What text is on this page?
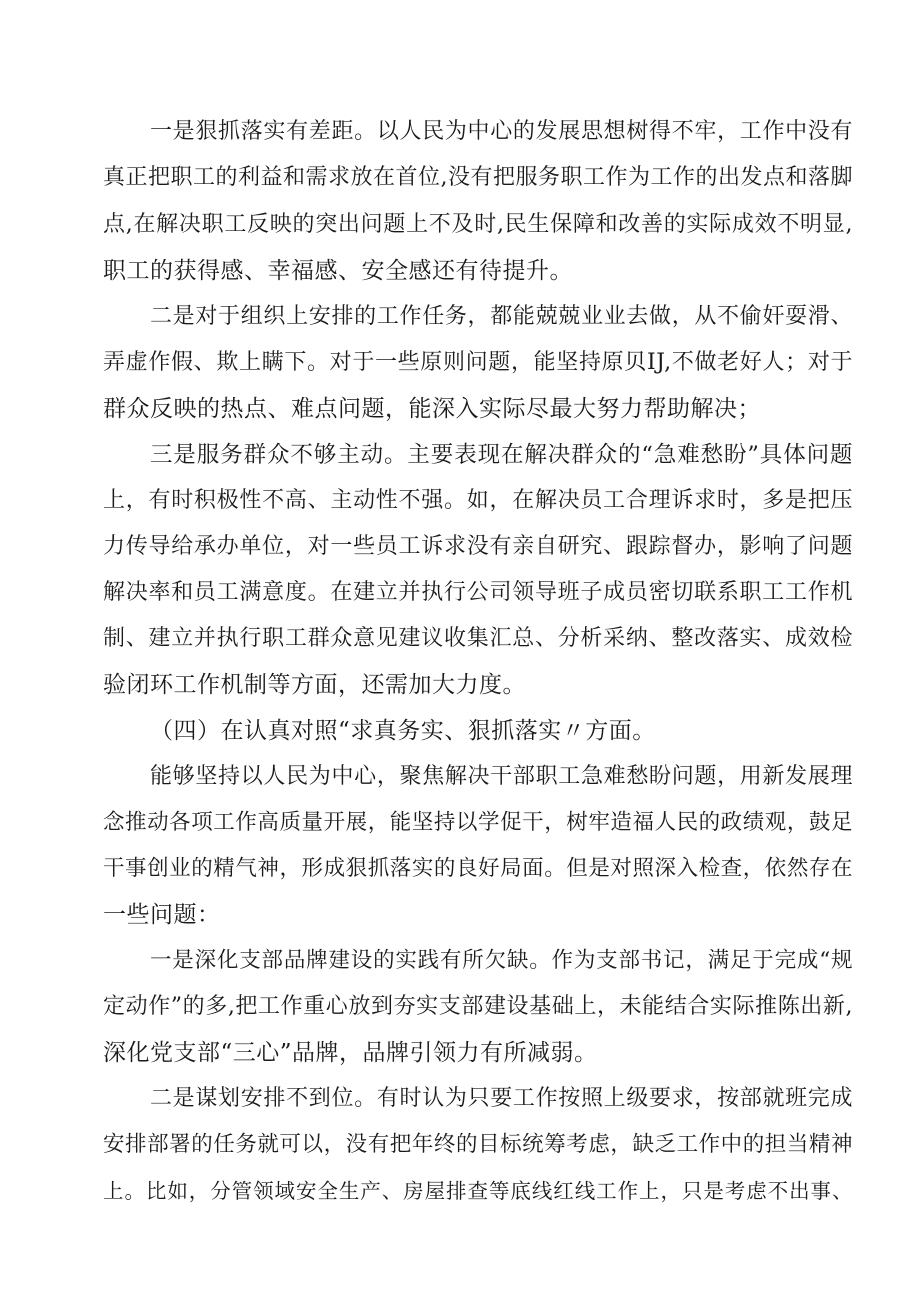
一是狠抓落实有差距。以人民为中心的发展思想树得不牢，工作中没有
真正把职工的利益和需求放在首位,没有把服务职工作为工作的出发点和落脚
点,在解决职工反映的突出问题上不及时,民生保障和改善的实际成效不明显,
职工的获得感、幸福感、安全感还有待提升。
二是对于组织上安排的工作任务，都能兢兢业业去做，从不偷奸耍滑、
弄虚作假、欺上瞒下。对于一些原则问题，能坚持原贝IJ,不做老好人；对于
群众反映的热点、难点问题，能深入实际尽最大努力帮助解决；
三是服务群众不够主动。主要表现在解决群众的“急难愁盼”具体问题
上，有时积极性不高、主动性不强。如，在解决员工合理诉求时，多是把压
力传导给承办单位，对一些员工诉求没有亲自研究、跟踪督办，影响了问题
解决率和员工满意度。在建立并执行公司领导班子成员密切联系职工工作机
制、建立并执行职工群众意见建议收集汇总、分析采纳、整改落实、成效检
验闭环工作机制等方面，还需加大力度。
（四）在认真对照“求真务实、狠抓落实〃方面。
能够坚持以人民为中心，聚焦解决干部职工急难愁盼问题，用新发展理
念推动各项工作高质量开展，能坚持以学促干，树牢造福人民的政绩观，鼓足
干事创业的精气神，形成狠抓落实的良好局面。但是对照深入检查，依然存在
一些问题：
一是深化支部品牌建设的实践有所欠缺。作为支部书记，满足于完成“规
定动作”的多,把工作重心放到夯实支部建设基础上，未能结合实际推陈出新,
深化党支部“三心”品牌，品牌引领力有所减弱。
二是谋划安排不到位。有时认为只要工作按照上级要求，按部就班完成
安排部署的任务就可以，没有把年终的目标统筹考虑，缺乏工作中的担当精神
上。比如，分管领域安全生产、房屋排查等底线红线工作上，只是考虑不出事、
